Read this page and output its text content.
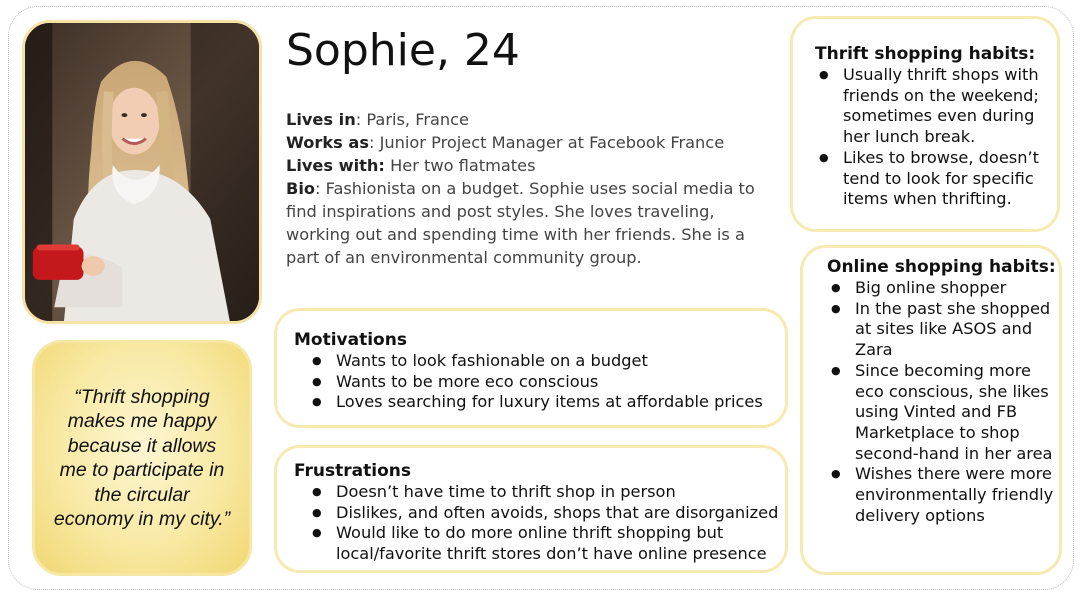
“Thrift shopping makes me happy because it allows me to participate in the circular economy in my city.”

Sophie, 24
Lives in: Paris, France
Works as: Junior Project Manager at Facebook France
Lives with: Her two flatmates
Bio: Fashionista on a budget. Sophie uses social media to find inspirations and post styles. She loves traveling, working out and spending time with her friends. She is a part of an environmental community group.
Motivations
● Wants to look fashionable on a budget
● Wants to be more eco conscious
● Loves searching for luxury items at affordable prices
Frustrations
● Doesn’t have time to thrift shop in person
● Dislikes, and often avoids, shops that are disorganized
● Would like to do more online thrift shopping but local/favorite thrift stores don’t have online presence
Thrift shopping habits:
● Usually thrift shops with friends on the weekend; sometimes even during her lunch break.
● Likes to browse, doesn’t tend to look for specific items when thrifting.
Online shopping habits:
● Big online shopper
● In the past she shopped at sites like ASOS and Zara
● Since becoming more eco conscious, she likes using Vinted and FB Marketplace to shop second-hand in her area
● Wishes there were more environmentally friendly delivery options
